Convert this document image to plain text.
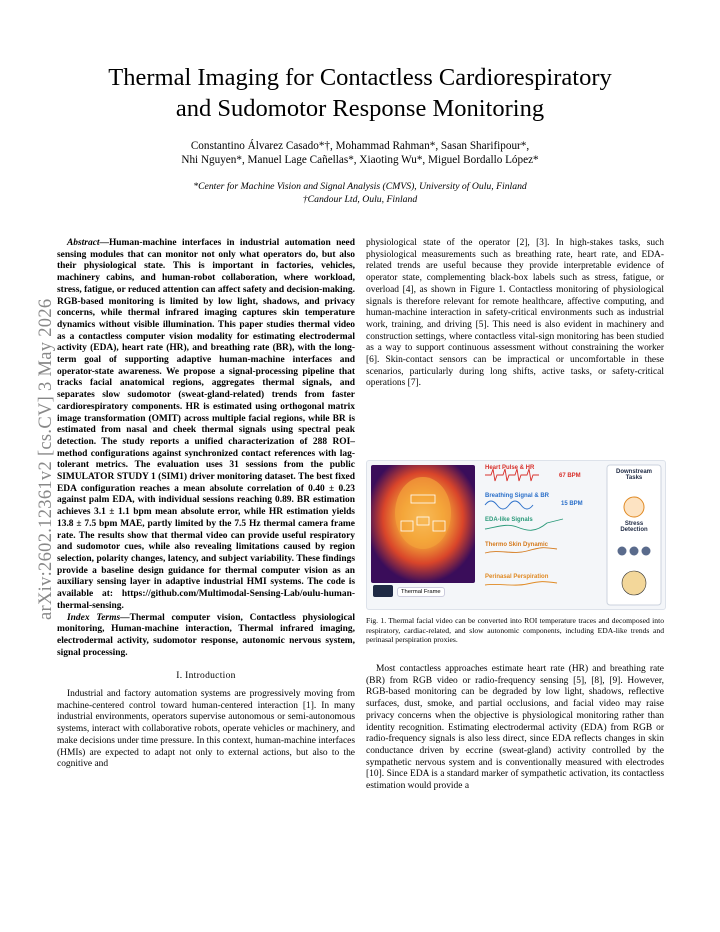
Thermal Imaging for Contactless Cardiorespiratory
and Sudomotor Response Monitoring
Constantino Álvarez Casado*†, Mohammad Rahman*, Sasan Sharifipour*,
Nhi Nguyen*, Manuel Lage Cañellas*, Xiaoting Wu*, Miguel Bordallo López*
*Center for Machine Vision and Signal Analysis (CMVS), University of Oulu, Finland
†Candour Ltd, Oulu, Finland
arXiv:2602.12361v2 [cs.CV] 3 May 2026

Abstract—Human-machine interfaces in industrial automation need sensing modules that can monitor not only what operators do, but also their physiological state. This is important in factories, vehicles, machinery cabins, and human-robot collaboration, where workload, stress, fatigue, or reduced attention can affect safety and decision-making. RGB-based monitoring is limited by low light, shadows, and privacy concerns, while thermal infrared imaging captures skin temperature dynamics without visible illumination. This paper studies thermal video as a contactless computer vision modality for estimating electrodermal activity (EDA), heart rate (HR), and breathing rate (BR), with the long-term goal of supporting adaptive human-machine interfaces and operator-state awareness. We propose a signal-processing pipeline that tracks facial anatomical regions, aggregates thermal signals, and separates slow sudomotor (sweat-gland-related) trends from faster cardiorespiratory components. HR is estimated using orthogonal matrix image transformation (OMIT) across multiple facial regions, while BR is estimated from nasal and cheek thermal signals using spectral peak detection. The study reports a unified characterization of 288 ROI–method configurations against synchronized contact references with lag-tolerant metrics. The evaluation uses 31 sessions from the public SIMULATOR STUDY 1 (SIM1) driver monitoring dataset. The best fixed EDA configuration reaches a mean absolute correlation of 0.40 ± 0.23 against palm EDA, with individual sessions reaching 0.89. BR estimation achieves 3.1 ± 1.1 bpm mean absolute error, while HR estimation yields 13.8 ± 7.5 bpm MAE, partly limited by the 7.5 Hz thermal camera frame rate. The results show that thermal video can provide useful respiratory and sudomotor cues, while also revealing limitations caused by region selection, polarity changes, latency, and subject variability. These findings provide a baseline design guidance for thermal computer vision as an auxiliary sensing layer in adaptive industrial HMI systems. The code is available at: https://github.com/Multimodal-Sensing-Lab/oulu-human-thermal-sensing.

Index Terms—Thermal computer vision, Contactless physiological monitoring, Human-machine interaction, Thermal infrared imaging, electrodermal activity, sudomotor response, autonomic nervous system, signal processing.

I. Introduction

Industrial and factory automation systems are progressively moving from machine-centered control toward human-centered interaction [1]. In many industrial environments, operators supervise autonomous or semi-autonomous systems, interact with collaborative robots, operate vehicles or machinery, and make decisions under time pressure. In this context, human-machine interfaces (HMIs) are expected to adapt not only to external actions, but also to the cognitive and

physiological state of the operator [2], [3]. In high-stakes tasks, such physiological measurements such as breathing rate, heart rate, and EDA-related trends are useful because they provide interpretable evidence of operator state, complementing black-box labels such as stress, fatigue, or overload [4], as shown in Figure 1. Contactless monitoring of physiological signals is therefore relevant for remote healthcare, affective computing, and human-machine interaction in safety-critical environments such as industrial work, training, and driving [5]. This need is also evident in machinery and construction settings, where contactless vital-sign monitoring has been studied as a way to support continuous assessment without constraining the worker [6]. Skin-contact sensors can be impractical or uncomfortable in these scenarios, particularly during long shifts, active tasks, or safety-critical operations [7].

Heart Pulse & HR
67 BPM
Breathing Signal & BR
15 BPM
EDA-like Signals
Thermo Skin Dynamic
Perinasal Perspiration
Thermal Frame
Downstream Tasks
Stress Detection
Fig. 1. Thermal facial video can be converted into ROI temperature traces and decomposed into respiratory, cardiac-related, and slow autonomic components, including EDA-like trends and perinasal perspiration proxies.

Most contactless approaches estimate heart rate (HR) and breathing rate (BR) from RGB video or radio-frequency sensing [5], [8], [9]. However, RGB-based monitoring can be degraded by low light, shadows, reflective surfaces, dust, smoke, and partial occlusions, and facial video may raise privacy concerns when the objective is physiological monitoring rather than identity recognition. Estimating electrodermal activity (EDA) from RGB or radio-frequency signals is also less direct, since EDA reflects changes in skin conductance driven by eccrine (sweat-gland) activity controlled by the sympathetic nervous system and is conventionally measured with electrodes [10]. Since EDA is a standard marker of sympathetic activation, its contactless estimation would provide a
